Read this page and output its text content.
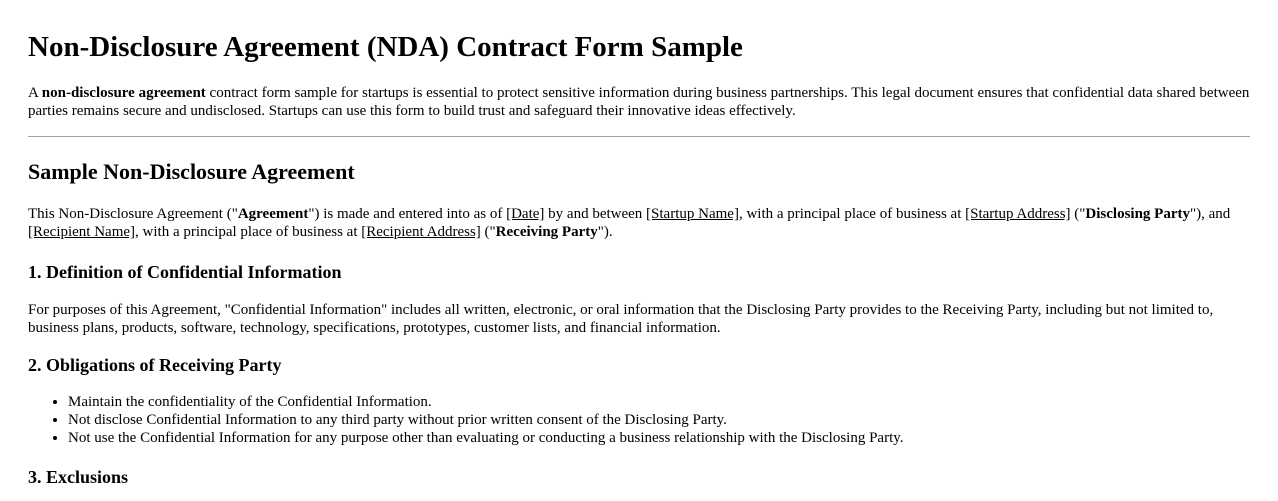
Non-Disclosure Agreement (NDA) Contract Form Sample

A non-disclosure agreement contract form sample for startups is essential to protect sensitive information during business partnerships. This legal document ensures that confidential data shared between parties remains secure and undisclosed. Startups can use this form to build trust and safeguard their innovative ideas effectively.

Sample Non-Disclosure Agreement

This Non-Disclosure Agreement ("Agreement") is made and entered into as of [Date] by and between [Startup Name], with a principal place of business at [Startup Address] ("Disclosing Party"), and [Recipient Name], with a principal place of business at [Recipient Address] ("Receiving Party").

1. Definition of Confidential Information

For purposes of this Agreement, "Confidential Information" includes all written, electronic, or oral information that the Disclosing Party provides to the Receiving Party, including but not limited to, business plans, products, software, technology, specifications, prototypes, customer lists, and financial information.

2. Obligations of Receiving Party
• Maintain the confidentiality of the Confidential Information.
• Not disclose Confidential Information to any third party without prior written consent of the Disclosing Party.
• Not use the Confidential Information for any purpose other than evaluating or conducting a business relationship with the Disclosing Party.
3. Exclusions
